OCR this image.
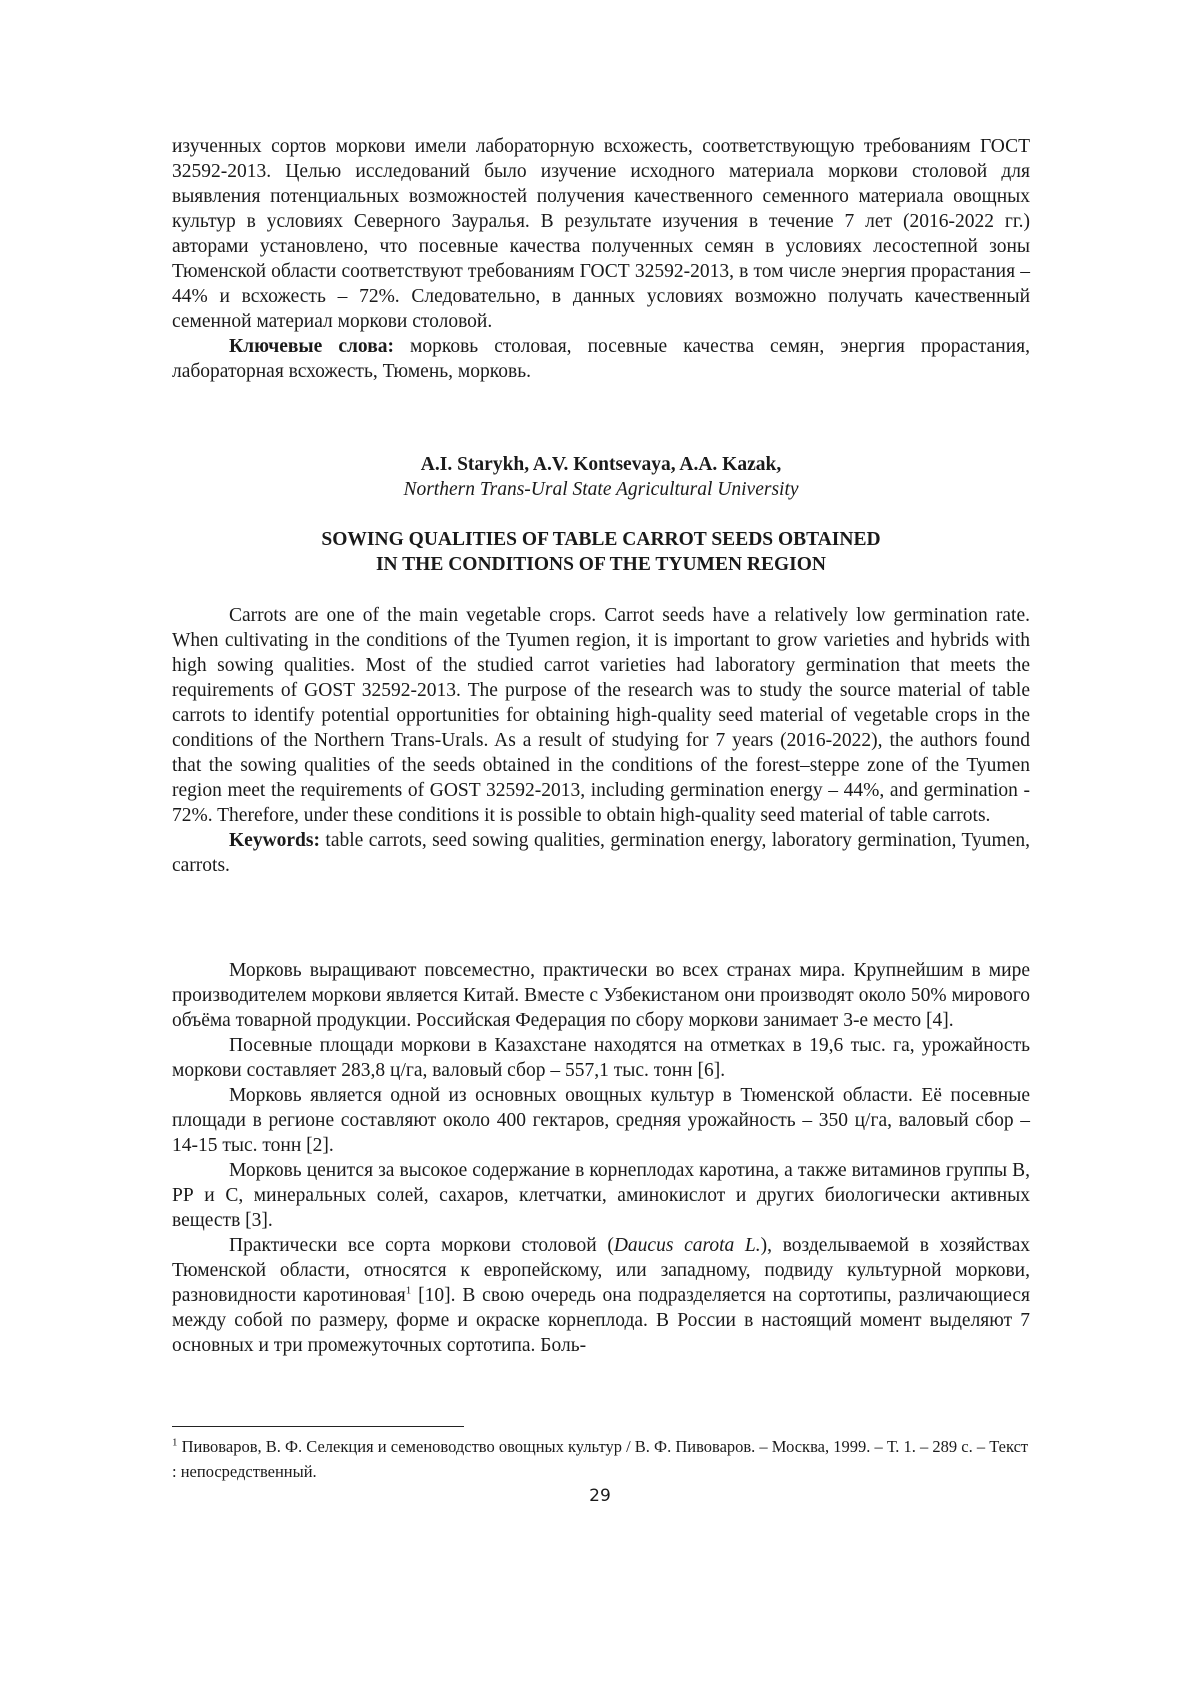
изученных сортов моркови имели лабораторную всхожесть, соответствующую требованиям ГОСТ 32592-2013. Целью исследований было изучение исходного материала моркови столовой для выявления потенциальных возможностей получения качественного семенного материала овощных культур в условиях Северного Зауралья. В результате изучения в течение 7 лет (2016-2022 гг.) авторами установлено, что посевные качества полученных семян в условиях лесостепной зоны Тюменской области соответствуют требованиям ГОСТ 32592-2013, в том числе энергия прорастания – 44% и всхожесть – 72%. Следовательно, в данных условиях возможно получать качественный семенной материал моркови столовой.

Ключевые слова: морковь столовая, посевные качества семян, энергия прорастания, лабораторная всхожесть, Тюмень, морковь.

A.I. Starykh, A.V. Kontsevaya, A.A. Kazak,
Northern Trans-Ural State Agricultural University
SOWING QUALITIES OF TABLE CARROT SEEDS OBTAINED
IN THE CONDITIONS OF THE TYUMEN REGION

Carrots are one of the main vegetable crops. Carrot seeds have a relatively low germination rate. When cultivating in the conditions of the Tyumen region, it is important to grow varieties and hybrids with high sowing qualities. Most of the studied carrot varieties had laboratory germination that meets the requirements of GOST 32592-2013. The purpose of the research was to study the source material of table carrots to identify potential opportunities for obtaining high-quality seed material of vegetable crops in the conditions of the Northern Trans-Urals. As a result of studying for 7 years (2016-2022), the authors found that the sowing qualities of the seeds obtained in the conditions of the forest–steppe zone of the Tyumen region meet the requirements of GOST 32592-2013, including germination energy – 44%, and germination - 72%. Therefore, under these conditions it is possible to obtain high-quality seed material of table carrots.

Keywords: table carrots, seed sowing qualities, germination energy, laboratory germination, Tyumen, carrots.

Морковь выращивают повсеместно, практически во всех странах мира. Крупнейшим в мире производителем моркови является Китай. Вместе с Узбекистаном они производят около 50% мирового объёма товарной продукции. Российская Федерация по сбору моркови занимает 3-е место [4].

Посевные площади моркови в Казахстане находятся на отметках в 19,6 тыс. га, урожайность моркови составляет 283,8 ц/га, валовый сбор – 557,1 тыс. тонн [6].

Морковь является одной из основных овощных культур в Тюменской области. Её посевные площади в регионе составляют около 400 гектаров, средняя урожайность – 350 ц/га, валовый сбор – 14-15 тыс. тонн [2].

Морковь ценится за высокое содержание в корнеплодах каротина, а также витаминов группы В, РР и С, минеральных солей, сахаров, клетчатки, аминокислот и других биологически активных веществ [3].

Практически все сорта моркови столовой (Daucus carota L.), возделываемой в хозяйствах Тюменской области, относятся к европейскому, или западному, подвиду культурной моркови, разновидности каротиновая$^1$ [10]. В свою очередь она подразделяется на сортотипы, различающиеся между собой по размеру, форме и окраске корнеплода. В России в настоящий момент выделяют 7 основных и три промежуточных сортотипа. Боль-

$^1$ Пивоваров, В. Ф. Селекция и семеноводство овощных культур / В. Ф. Пивоваров. – Москва, 1999. – Т. 1. – 289 с. – Текст : непосредственный.
29
